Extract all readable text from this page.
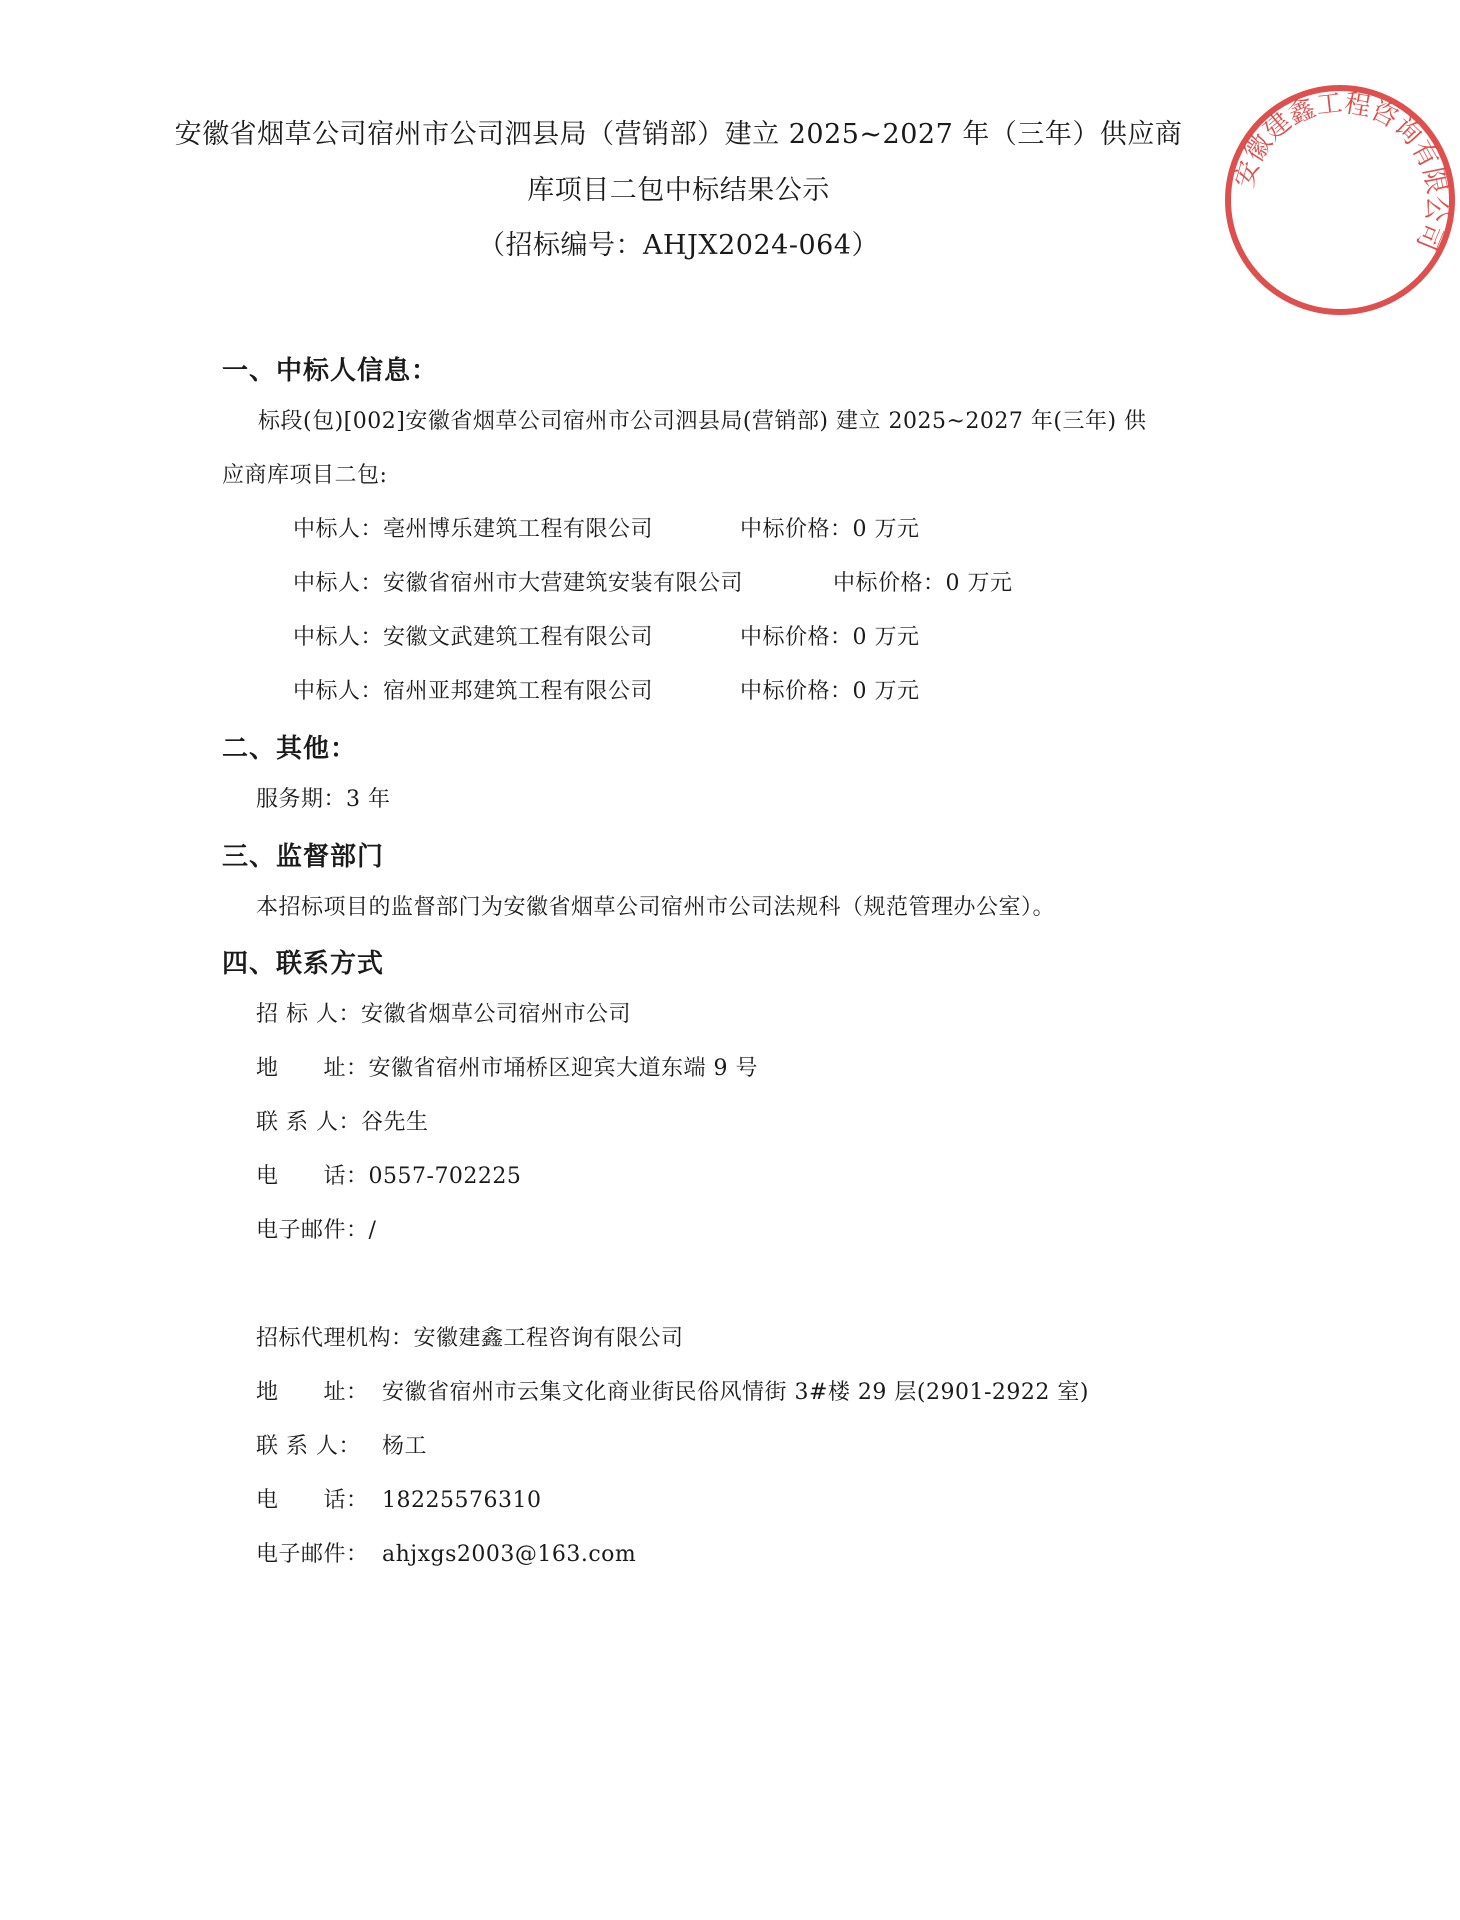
安徽省烟草公司宿州市公司泗县局（营销部）建立 2025~2027 年（三年）供应商
库项目二包中标结果公示
（招标编号：AHJX2024-064）
一、中标人信息：
标段(包)[002]安徽省烟草公司宿州市公司泗县局(营销部) 建立 2025~2027 年(三年) 供
应商库项目二包:
中标人：亳州博乐建筑工程有限公司	中标价格：0 万元
中标人：安徽省宿州市大营建筑安装有限公司	中标价格：0 万元
中标人：安徽文武建筑工程有限公司	中标价格：0 万元
中标人：宿州亚邦建筑工程有限公司	中标价格：0 万元
二、其他：
服务期：3 年
三、监督部门
本招标项目的监督部门为安徽省烟草公司宿州市公司法规科（规范管理办公室）。
四、联系方式
招 标 人：安徽省烟草公司宿州市公司
地　　址：安徽省宿州市埇桥区迎宾大道东端 9 号
联 系 人：谷先生
电　　话：0557-702225
电子邮件：/
招标代理机构：安徽建鑫工程咨询有限公司
地　　址： 安徽省宿州市云集文化商业街民俗风情街 3#楼 29 层(2901-2922 室)
联 系 人： 杨工
电　　话： 18225576310
电子邮件： ahjxgs2003@163.com
安徽建鑫工程咨询有限公司
